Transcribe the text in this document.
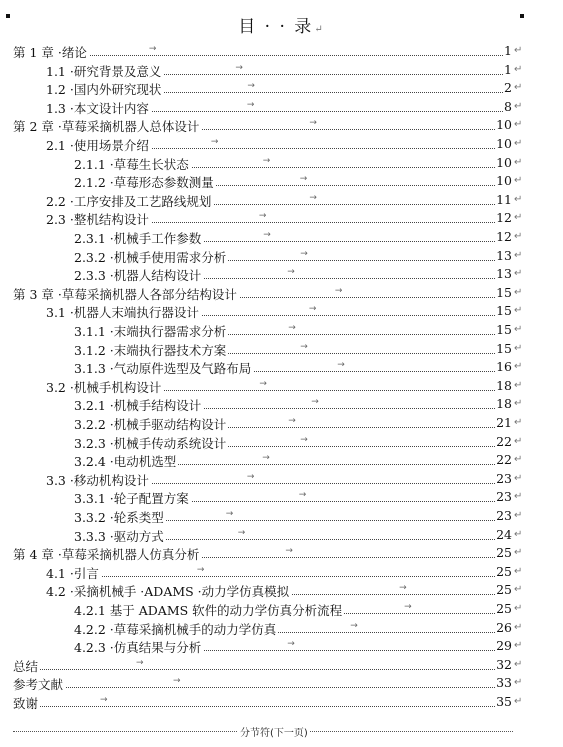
目 · · 录↵
第 1 章 ·绪论	→	1 ↵
1.1 ·研究背景及意义	→	1 ↵
1.2 ·国内外研究现状	→	2 ↵
1.3 ·本文设计内容	→	8 ↵
第 2 章 ·草莓采摘机器人总体设计	→	10 ↵
2.1 ·使用场景介绍	→	10 ↵
2.1.1 ·草莓生长状态	→	10 ↵
2.1.2 ·草莓形态参数测量	→	10 ↵
2.2 ·工序安排及工艺路线规划	→	11 ↵
2.3 ·整机结构设计	→	12 ↵
2.3.1 ·机械手工作参数	→	12 ↵
2.3.2 ·机械手使用需求分析	→	13 ↵
2.3.3 ·机器人结构设计	→	13 ↵
第 3 章 ·草莓采摘机器人各部分结构设计	→	15 ↵
3.1 ·机器人末端执行器设计	→	15 ↵
3.1.1 ·末端执行器需求分析	→	15 ↵
3.1.2 ·末端执行器技术方案	→	15 ↵
3.1.3 ·气动原件选型及气路布局	→	16 ↵
3.2 ·机械手机构设计	→	18 ↵
3.2.1 ·机械手结构设计	→	18 ↵
3.2.2 ·机械手驱动结构设计	→	21 ↵
3.2.3 ·机械手传动系统设计	→	22 ↵
3.2.4 ·电动机选型	→	22 ↵
3.3 ·移动机构设计	→	23 ↵
3.3.1 ·轮子配置方案	→	23 ↵
3.3.2 ·轮系类型	→	23 ↵
3.3.3 ·驱动方式	→	24 ↵
第 4 章 ·草莓采摘机器人仿真分析	→	25 ↵
4.1 ·引言	→	25 ↵
4.2 ·采摘机械手 ·ADAMS ·动力学仿真模拟	→	25 ↵
4.2.1 基于 ADAMS 软件的动力学仿真分析流程	→	25 ↵
4.2.2 ·草莓采摘机械手的动力学仿真	→	26 ↵
4.2.3 ·仿真结果与分析	→	29 ↵
总结	→	32 ↵
参考文献	→	33 ↵
致谢	→	35 ↵
分节符(下一页)
